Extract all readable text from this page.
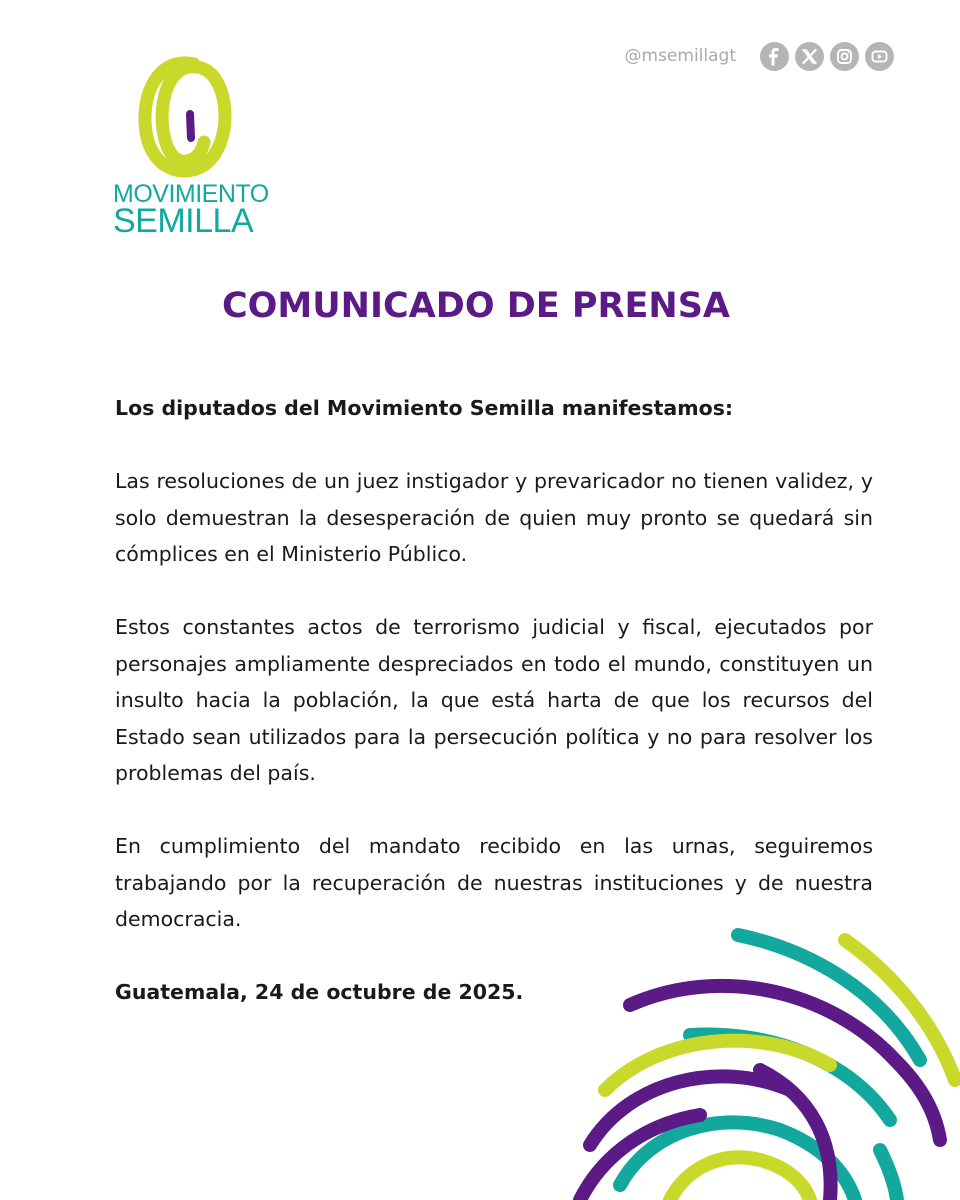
MOVIMIENTO
SEMILLA
@msemillagt
COMUNICADO DE PRENSA

Los diputados del Movimiento Semilla manifestamos:

Las resoluciones de un juez instigador y prevaricador no tienen validez, y solo demuestran la desesperación de quien muy pronto se quedará sin cómplices en el Ministerio Público.

Estos constantes actos de terrorismo judicial y fiscal, ejecutados por personajes ampliamente despreciados en todo el mundo, constituyen un insulto hacia la población, la que está harta de que los recursos del Estado sean utilizados para la persecución política y no para resolver los problemas del país.

En cumplimiento del mandato recibido en las urnas, seguiremos trabajando por la recuperación de nuestras instituciones y de nuestra democracia.

Guatemala, 24 de octubre de 2025.
